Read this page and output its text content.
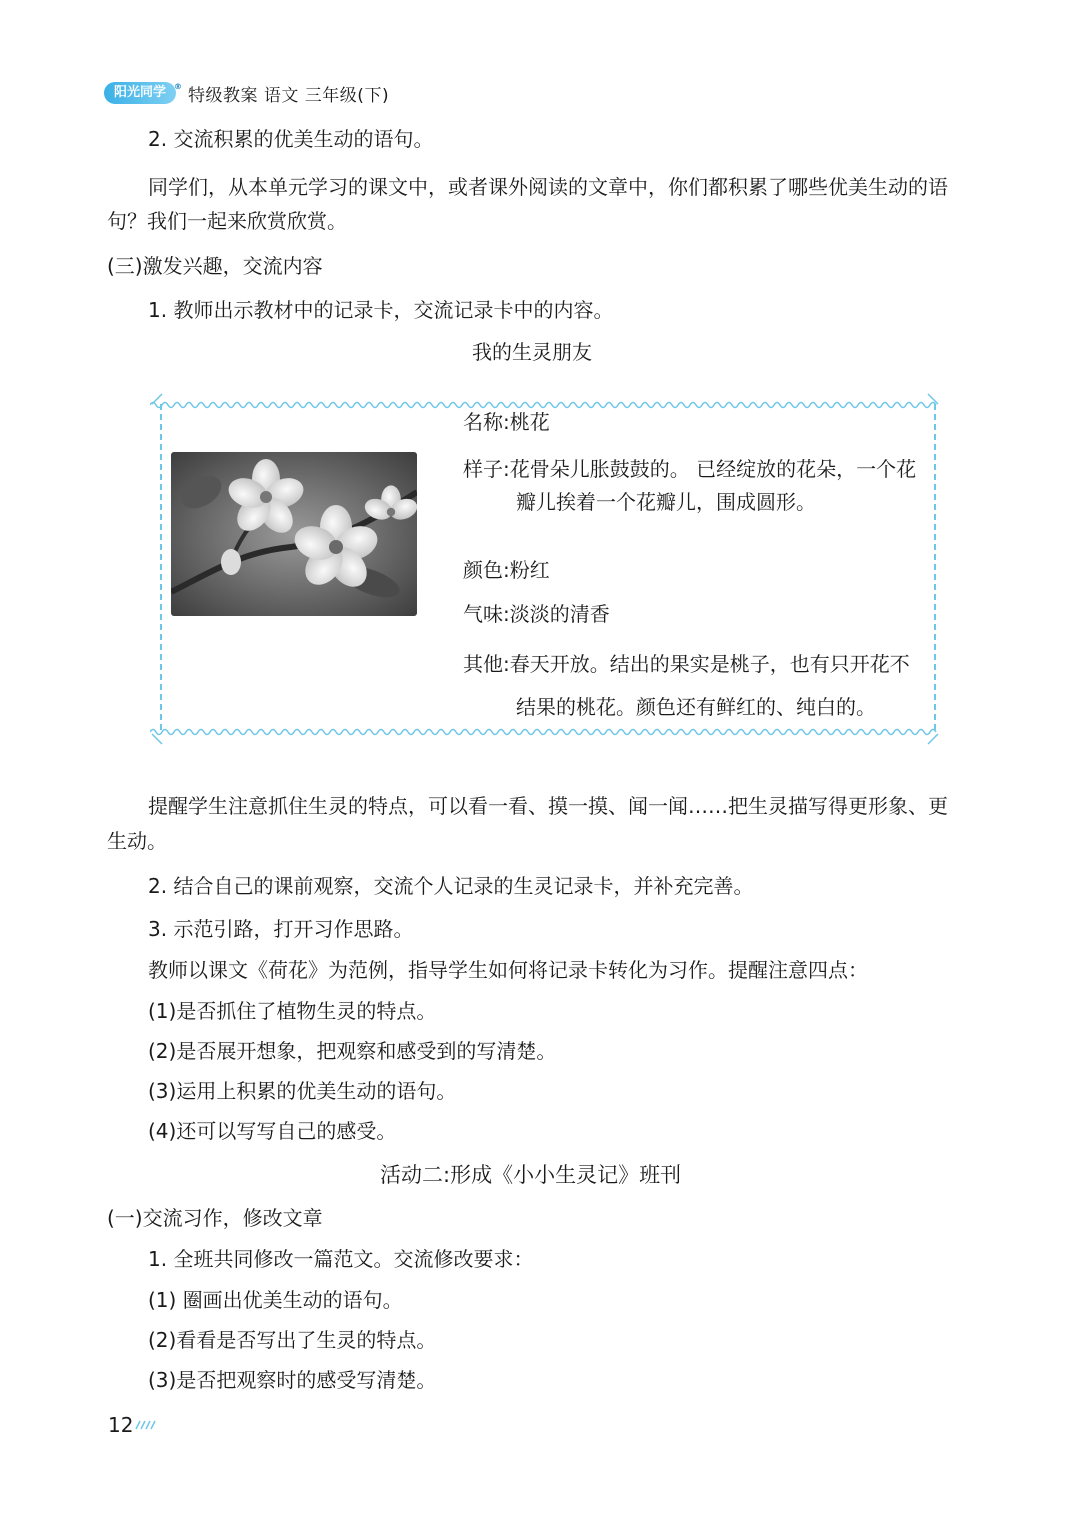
阳光同学 ® 特级教案 语文 三年级(下)
2. 交流积累的优美生动的语句。
同学们，从本单元学习的课文中，或者课外阅读的文章中，你们都积累了哪些优美生动的语
句？我们一起来欣赏欣赏。
(三)激发兴趣，交流内容
1. 教师出示教材中的记录卡，交流记录卡中的内容。
我的生灵朋友
名称:桃花
样子:花骨朵儿胀鼓鼓的。 已经绽放的花朵，一个花
瓣儿挨着一个花瓣儿，围成圆形。
颜色:粉红
气味:淡淡的清香
其他:春天开放。结出的果实是桃子，也有只开花不
结果的桃花。颜色还有鲜红的、纯白的。
提醒学生注意抓住生灵的特点，可以看一看、摸一摸、闻一闻……把生灵描写得更形象、更
生动。
2. 结合自己的课前观察，交流个人记录的生灵记录卡，并补充完善。
3. 示范引路，打开习作思路。
教师以课文《荷花》为范例，指导学生如何将记录卡转化为习作。提醒注意四点：
(1)是否抓住了植物生灵的特点。
(2)是否展开想象，把观察和感受到的写清楚。
(3)运用上积累的优美生动的语句。
(4)还可以写写自己的感受。
活动二:形成《小小生灵记》班刊
(一)交流习作，修改文章
1. 全班共同修改一篇范文。交流修改要求：
(1) 圈画出优美生动的语句。
(2)看看是否写出了生灵的特点。
(3)是否把观察时的感受写清楚。
12
